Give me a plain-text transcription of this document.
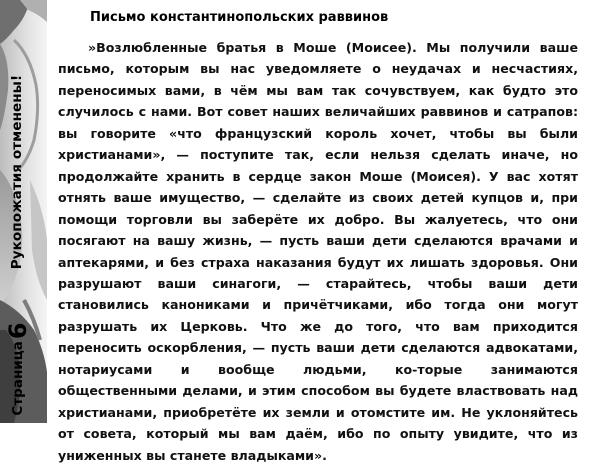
Рукопожатия отменены!
Страница
6
Письмо константинопольских раввинов

»Возлюбленные братья в Моше (Моисее). Мы получили ваше письмо, которым вы нас уведомляете о неудачах и несчастиях, переносимых вами, в чём мы вам так сочувствуем, как будто это случилось с нами. Вот совет наших величайших раввинов и сатрапов: вы говорите «что французский король хочет, чтобы вы были христианами», — поступите так, если нельзя сделать иначе, но продолжайте хранить в сердце закон Моше (Моисея). У вас хотят отнять ваше имущество, — сделайте из своих детей купцов и, при помощи торговли вы заберёте их добро. Вы жалуетесь, что они посягают на вашу жизнь, — пусть ваши дети сделаются врачами и аптекарями, и без страха наказания будут их лишать здоровья. Они разрушают ваши синагоги, — старайтесь, чтобы ваши дети становились канониками и причётчиками, ибо тогда они могут разрушать их Церковь. Что же до того, что вам приходится переносить оскорбления, — пусть ваши дети сделаются адвокатами, нотариусами и вообще людьми, ко-торые занимаются общественными делами, и этим способом вы будете властвовать над христианами, приобретёте их земли и отомстите им. Не уклоняйтесь от совета, который мы вам даём, ибо по опыту увидите, что из униженных вы станете владыками».
